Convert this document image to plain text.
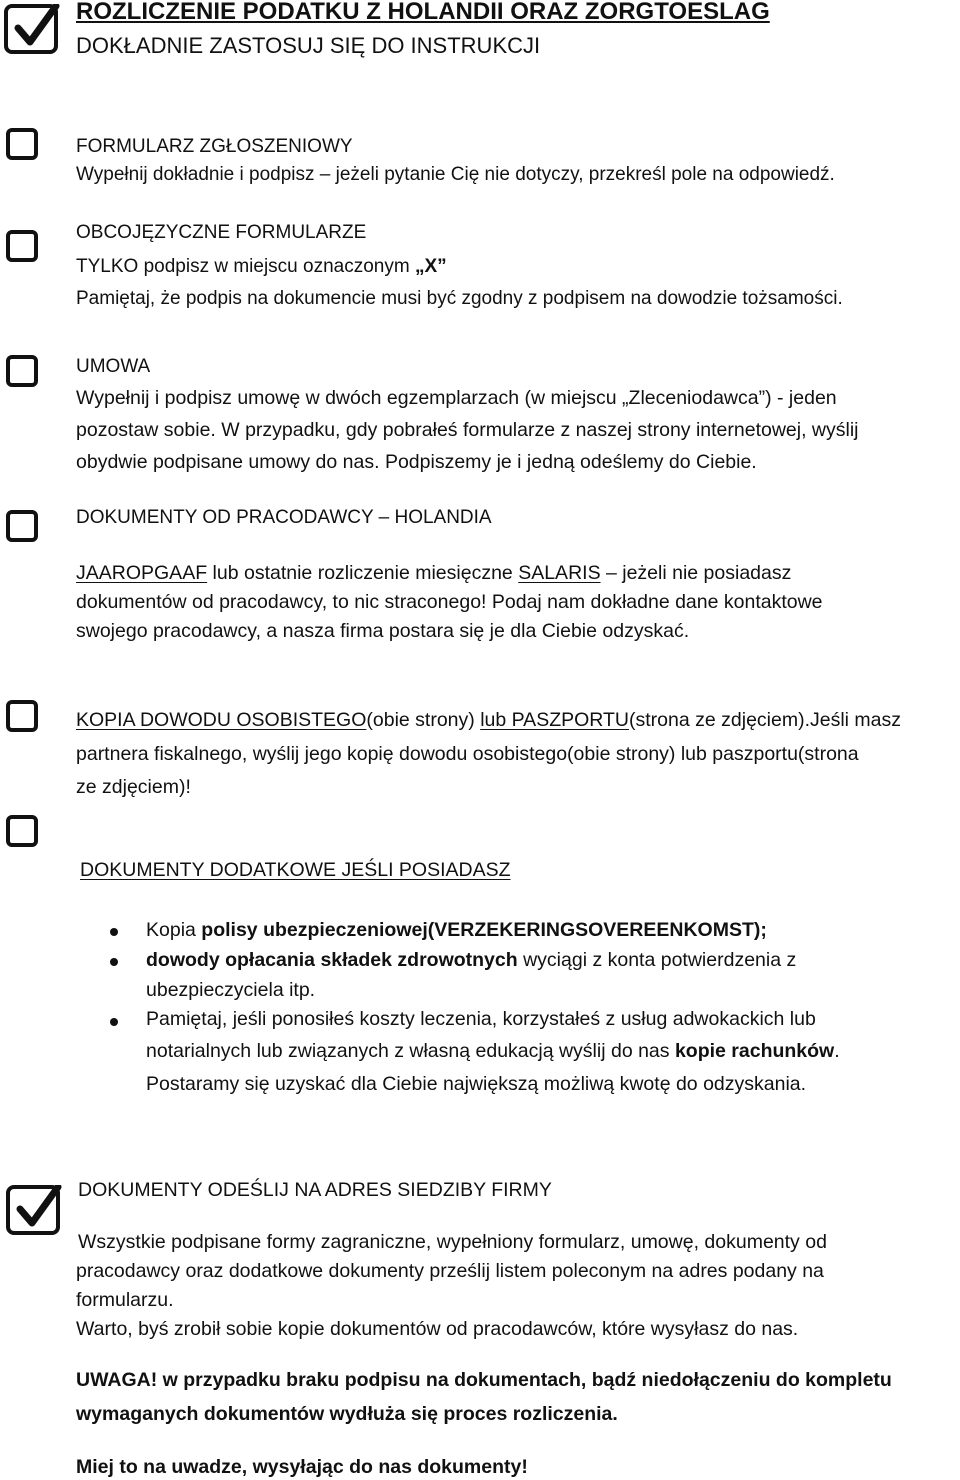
ROZLICZENIE PODATKU Z HOLANDII ORAZ ZORGTOESLAG
DOKŁADNIE ZASTOSUJ SIĘ DO INSTRUKCJI
FORMULARZ ZGŁOSZENIOWY
Wypełnij dokładnie i podpisz – jeżeli pytanie Cię nie dotyczy, przekreśl pole na odpowiedź.
OBCOJĘZYCZNE FORMULARZE
TYLKO podpisz w miejscu oznaczonym „X”
Pamiętaj, że podpis na dokumencie musi być zgodny z podpisem na dowodzie tożsamości.
UMOWA
Wypełnij i podpisz umowę w dwóch egzemplarzach (w miejscu „Zleceniodawca”) - jeden
pozostaw sobie. W przypadku, gdy pobrałeś formularze z naszej strony internetowej, wyślij
obydwie podpisane umowy do nas. Podpiszemy je i jedną odeślemy do Ciebie.
DOKUMENTY OD PRACODAWCY – HOLANDIA
JAAROPGAAF lub ostatnie rozliczenie miesięczne SALARIS – jeżeli nie posiadasz
dokumentów od pracodawcy, to nic straconego! Podaj nam dokładne dane kontaktowe
swojego pracodawcy, a nasza firma postara się je dla Ciebie odzyskać.
KOPIA DOWODU OSOBISTEGO(obie strony) lub PASZPORTU(strona ze zdjęciem).Jeśli masz
partnera fiskalnego, wyślij jego kopię dowodu osobistego(obie strony) lub paszportu(strona
ze zdjęciem)!
DOKUMENTY DODATKOWE JEŚLI POSIADASZ
Kopia polisy ubezpieczeniowej(VERZEKERINGSOVEREENKOMST);
dowody opłacania składek zdrowotnych wyciągi z konta potwierdzenia z
ubezpieczyciela itp.
Pamiętaj, jeśli ponosiłeś koszty leczenia, korzystałeś z usług adwokackich lub
notarialnych lub związanych z własną edukacją wyślij do nas kopie rachunków.
Postaramy się uzyskać dla Ciebie największą możliwą kwotę do odzyskania.
DOKUMENTY ODEŚLIJ NA ADRES SIEDZIBY FIRMY
Wszystkie podpisane formy zagraniczne, wypełniony formularz, umowę, dokumenty od
pracodawcy oraz dodatkowe dokumenty prześlij listem poleconym na adres podany na
formularzu.
Warto, byś zrobił sobie kopie dokumentów od pracodawców, które wysyłasz do nas.
UWAGA! w przypadku braku podpisu na dokumentach, bądź niedołączeniu do kompletu
wymaganych dokumentów wydłuża się proces rozliczenia.
Miej to na uwadze, wysyłając do nas dokumenty!
